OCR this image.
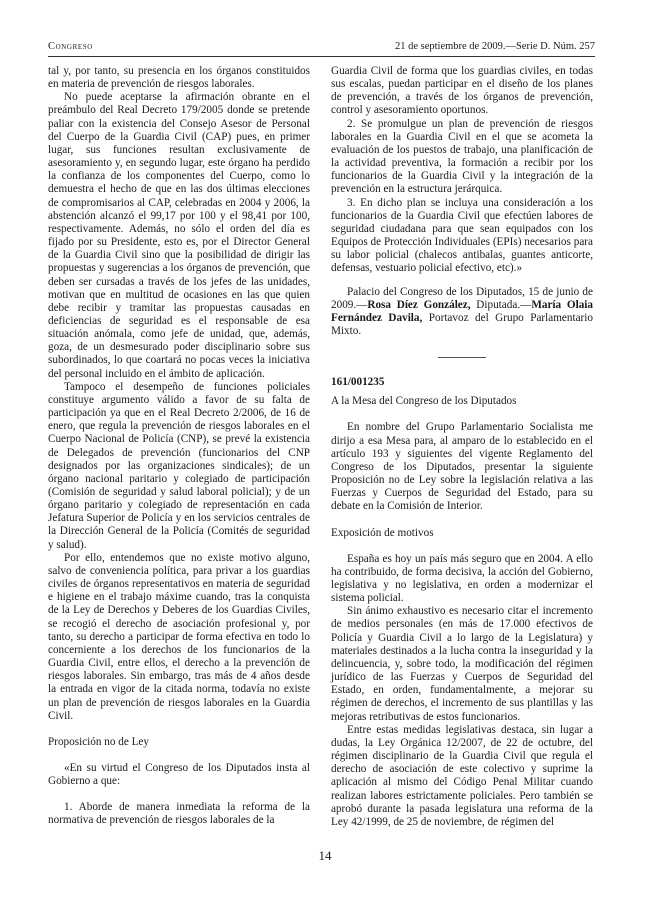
Congreso	21 de septiembre de 2009.—Serie D. Núm. 257

tal y, por tanto, su presencia en los órganos constituidos en materia de prevención de riesgos laborales.

No puede aceptarse la afirmación obrante en el preámbulo del Real Decreto 179/2005 donde se pretende paliar con la existencia del Consejo Asesor de Personal del Cuerpo de la Guardia Civil (CAP) pues, en primer lugar, sus funciones resultan exclusivamente de asesoramiento y, en segundo lugar, este órgano ha perdido la confianza de los componentes del Cuerpo, como lo demuestra el hecho de que en las dos últimas elecciones de compromisarios al CAP, celebradas en 2004 y 2006, la abstención alcanzó el 99,17 por 100 y el 98,41 por 100, respectivamente. Además, no sólo el orden del día es fijado por su Presidente, esto es, por el Director General de la Guardia Civil sino que la posibilidad de dirigir las propuestas y sugerencias a los órganos de prevención, que deben ser cursadas a través de los jefes de las unidades, motivan que en multitud de ocasiones en las que quien debe recibir y tramitar las propuestas causadas en deficiencias de seguridad es el responsable de esa situación anómala, como jefe de unidad, que, además, goza, de un desmesurado poder disciplinario sobre sus subordinados, lo que coartará no pocas veces la iniciativa del personal incluido en el ámbito de aplicación.

Tampoco el desempeño de funciones policiales constituye argumento válido a favor de su falta de participación ya que en el Real Decreto 2/2006, de 16 de enero, que regula la prevención de riesgos laborales en el Cuerpo Nacional de Policía (CNP), se prevé la existencia de Delegados de prevención (funcionarios del CNP designados por las organizaciones sindicales); de un órgano nacional paritario y colegiado de participación (Comisión de seguridad y salud laboral policial); y de un órgano paritario y colegiado de representación en cada Jefatura Superior de Policía y en los servicios centrales de la Dirección General de la Policía (Comités de seguridad y salud).

Por ello, entendemos que no existe motivo alguno, salvo de conveniencia política, para privar a los guardias civiles de órganos representativos en materia de seguridad e higiene en el trabajo máxime cuando, tras la conquista de la Ley de Derechos y Deberes de los Guardias Civiles, se recogió el derecho de asociación profesional y, por tanto, su derecho a participar de forma efectiva en todo lo concerniente a los derechos de los funcionarios de la Guardia Civil, entre ellos, el derecho a la prevención de riesgos laborales. Sin embargo, tras más de 4 años desde la entrada en vigor de la citada norma, todavía no existe un plan de prevención de riesgos laborales en la Guardia Civil.

Proposición no de Ley

«En su virtud el Congreso de los Diputados insta al Gobierno a que:

1. Aborde de manera inmediata la reforma de la normativa de prevención de riesgos laborales de la

Guardia Civil de forma que los guardias civiles, en todas sus escalas, puedan participar en el diseño de los planes de prevención, a través de los órganos de prevención, control y asesoramiento oportunos.

2. Se promulgue un plan de prevención de riesgos laborales en la Guardia Civil en el que se acometa la evaluación de los puestos de trabajo, una planificación de la actividad preventiva, la formación a recibir por los funcionarios de la Guardia Civil y la integración de la prevención en la estructura jerárquica.

3. En dicho plan se incluya una consideración a los funcionarios de la Guardia Civil que efectúen labores de seguridad ciudadana para que sean equipados con los Equipos de Protección Individuales (EPIs) necesarios para su labor policial (chalecos antibalas, guantes anticorte, defensas, vestuario policial efectivo, etc).»

Palacio del Congreso de los Diputados, 15 de junio de 2009.—Rosa Díez González, Diputada.—María Olaia Fernández Davila, Portavoz del Grupo Parlamentario Mixto.

161/001235

A la Mesa del Congreso de los Diputados

En nombre del Grupo Parlamentario Socialista me dirijo a esa Mesa para, al amparo de lo establecido en el artículo 193 y siguientes del vigente Reglamento del Congreso de los Diputados, presentar la siguiente Proposición no de Ley sobre la legislación relativa a las Fuerzas y Cuerpos de Seguridad del Estado, para su debate en la Comisión de Interior.

Exposición de motivos

España es hoy un país más seguro que en 2004. A ello ha contribuido, de forma decisiva, la acción del Gobierno, legislativa y no legislativa, en orden a modernizar el sistema policial.

Sin ánimo exhaustivo es necesario citar el incremento de medios personales (en más de 17.000 efectivos de Policía y Guardia Civil a lo largo de la Legislatura) y materiales destinados a la lucha contra la inseguridad y la delincuencia, y, sobre todo, la modificación del régimen jurídico de las Fuerzas y Cuerpos de Seguridad del Estado, en orden, fundamentalmente, a mejorar su régimen de derechos, el incremento de sus plantillas y las mejoras retributivas de estos funcionarios.

Entre estas medidas legislativas destaca, sin lugar a dudas, la Ley Orgánica 12/2007, de 22 de octubre, del régimen disciplinario de la Guardia Civil que regula el derecho de asociación de este colectivo y suprime la aplicación al mismo del Código Penal Militar cuando realizan labores estrictamente policiales. Pero también se aprobó durante la pasada legislatura una reforma de la Ley 42/1999, de 25 de noviembre, de régimen del

14
